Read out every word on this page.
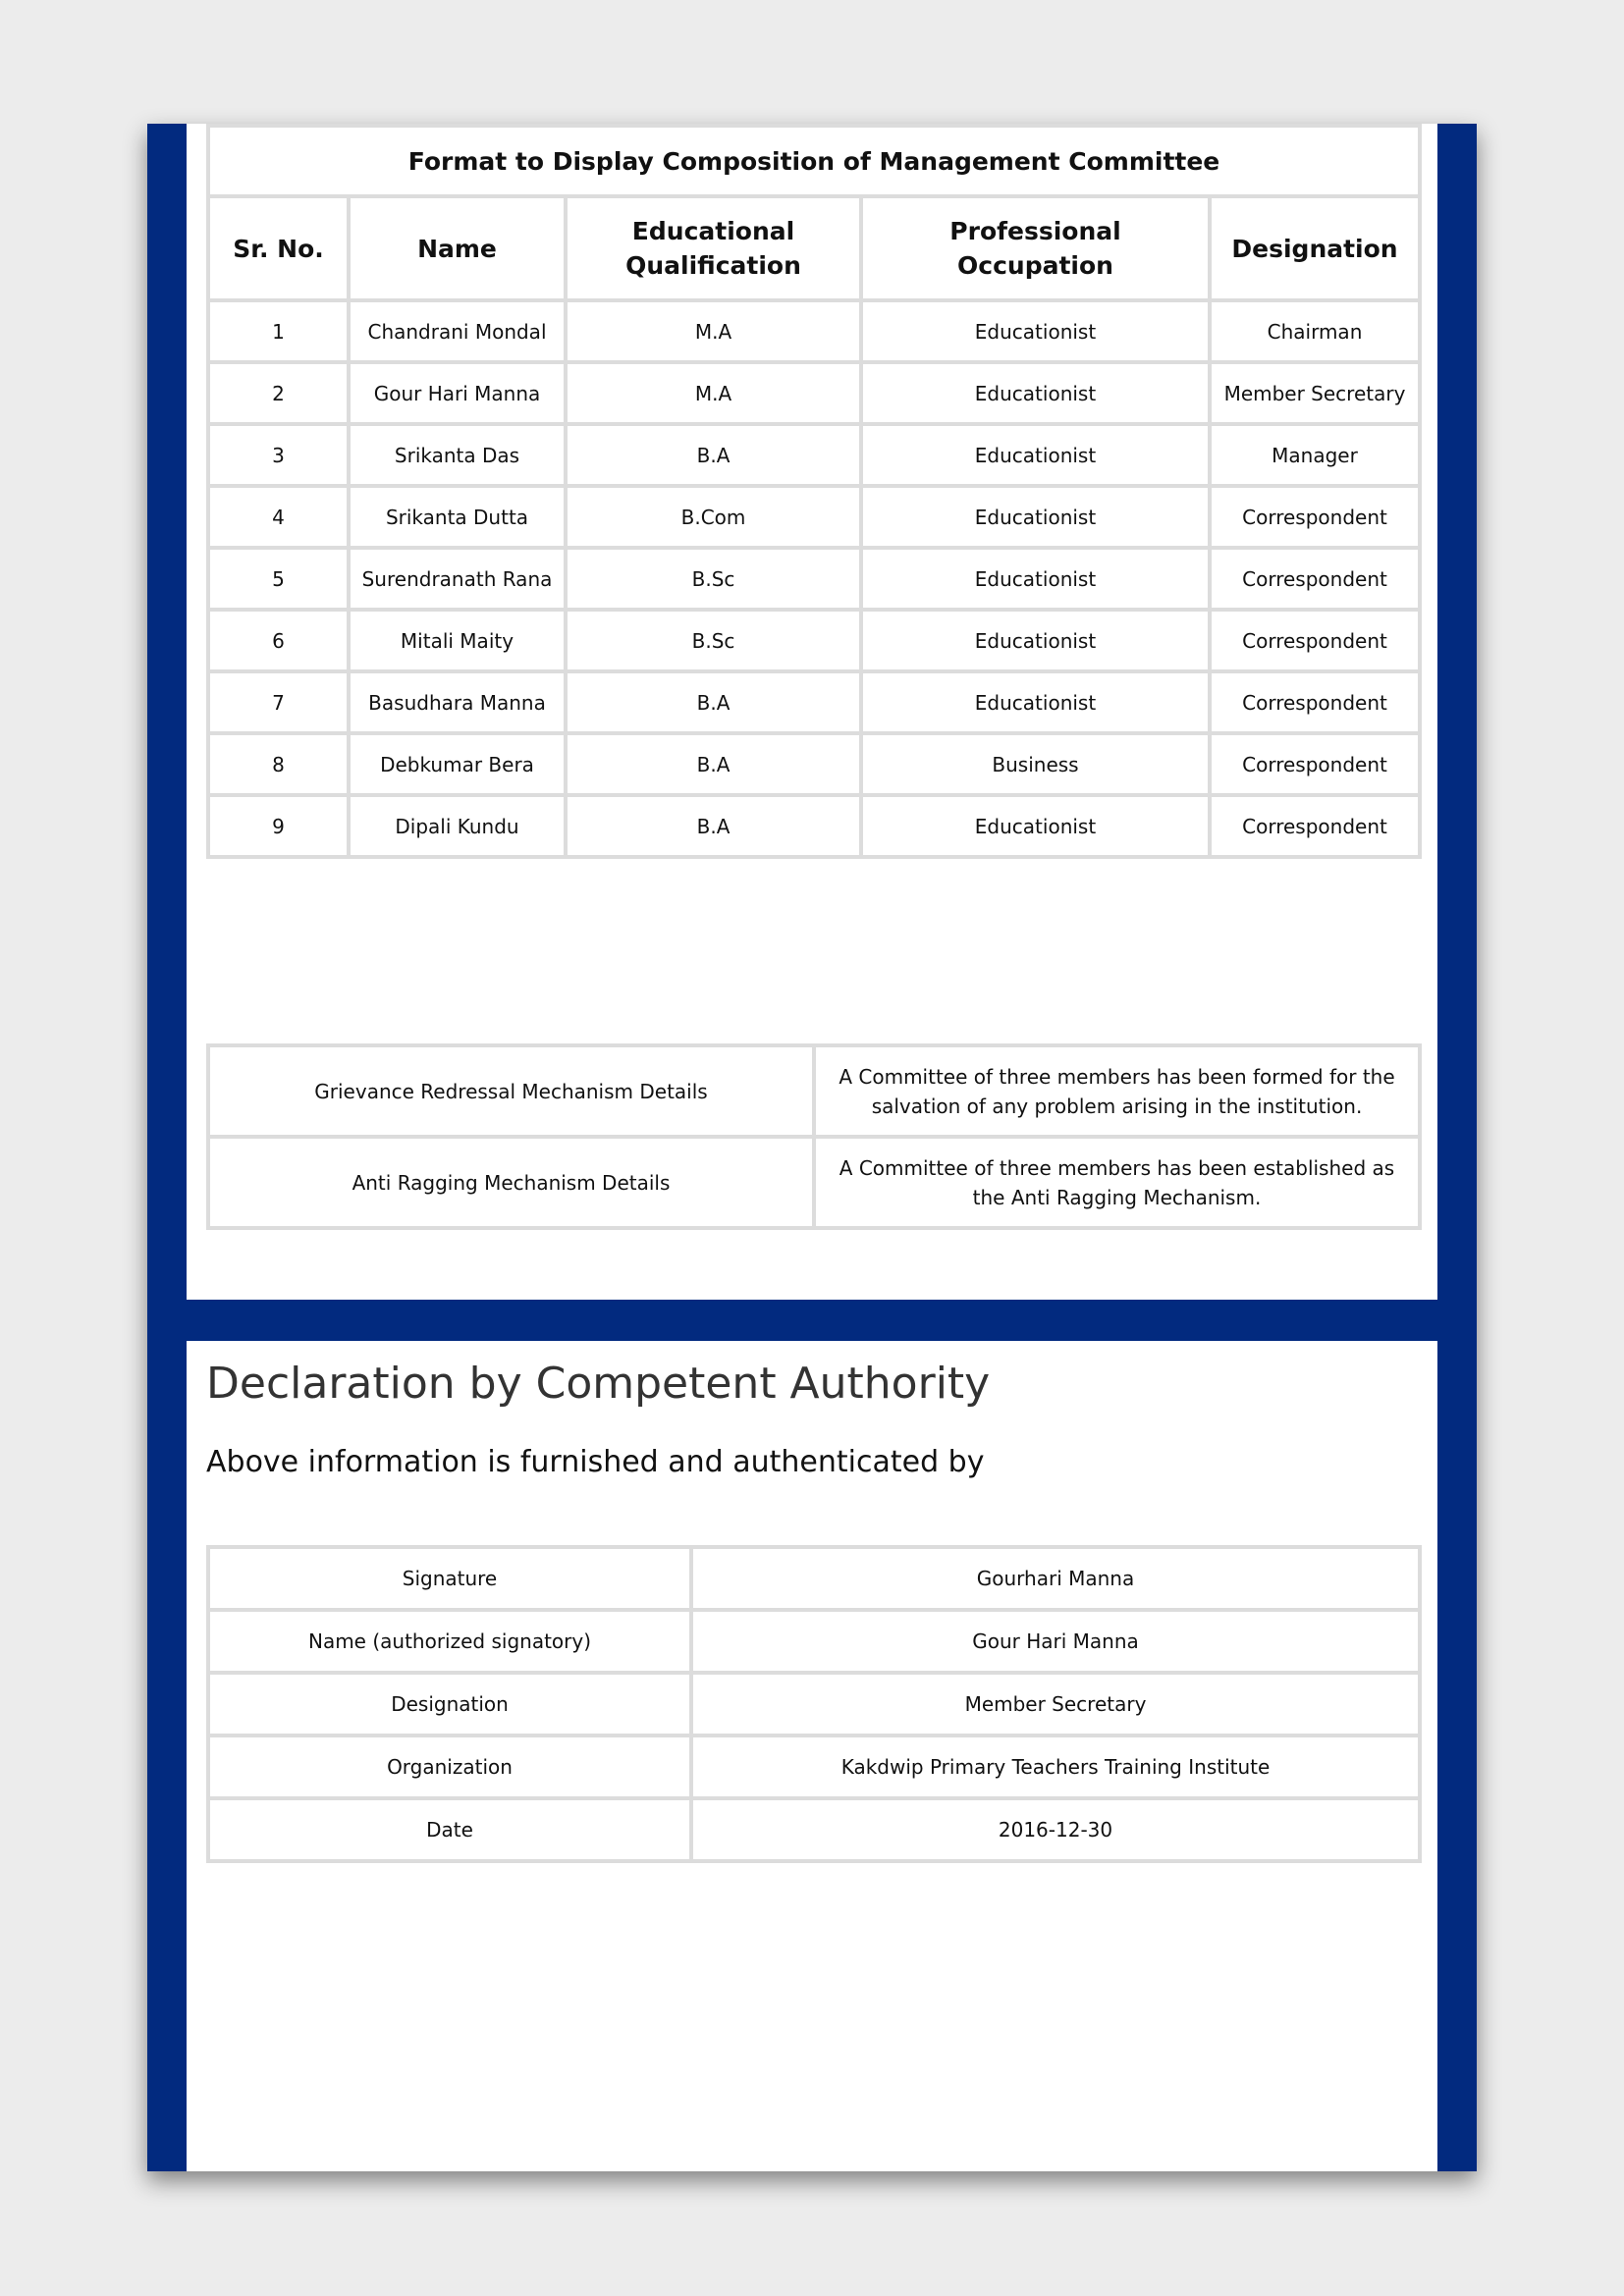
Format to Display Composition of Management Committee				
Sr. No.	Name	Educational Qualification	Professional Occupation	Designation
1	Chandrani Mondal	M.A	Educationist	Chairman
2	Gour Hari Manna	M.A	Educationist	Member Secretary
3	Srikanta Das	B.A	Educationist	Manager
4	Srikanta Dutta	B.Com	Educationist	Correspondent
5	Surendranath Rana	B.Sc	Educationist	Correspondent
6	Mitali Maity	B.Sc	Educationist	Correspondent
7	Basudhara Manna	B.A	Educationist	Correspondent
8	Debkumar Bera	B.A	Business	Correspondent
9	Dipali Kundu	B.A	Educationist	Correspondent
Grievance Redressal Mechanism Details	A Committee of three members has been formed for the salvation of any problem arising in the institution.
Anti Ragging Mechanism Details	A Committee of three members has been established as the Anti Ragging Mechanism.
Declaration by Competent Authority
Above information is furnished and authenticated by
Signature	Gourhari Manna
Name (authorized signatory)	Gour Hari Manna
Designation	Member Secretary
Organization	Kakdwip Primary Teachers Training Institute
Date	2016-12-30
